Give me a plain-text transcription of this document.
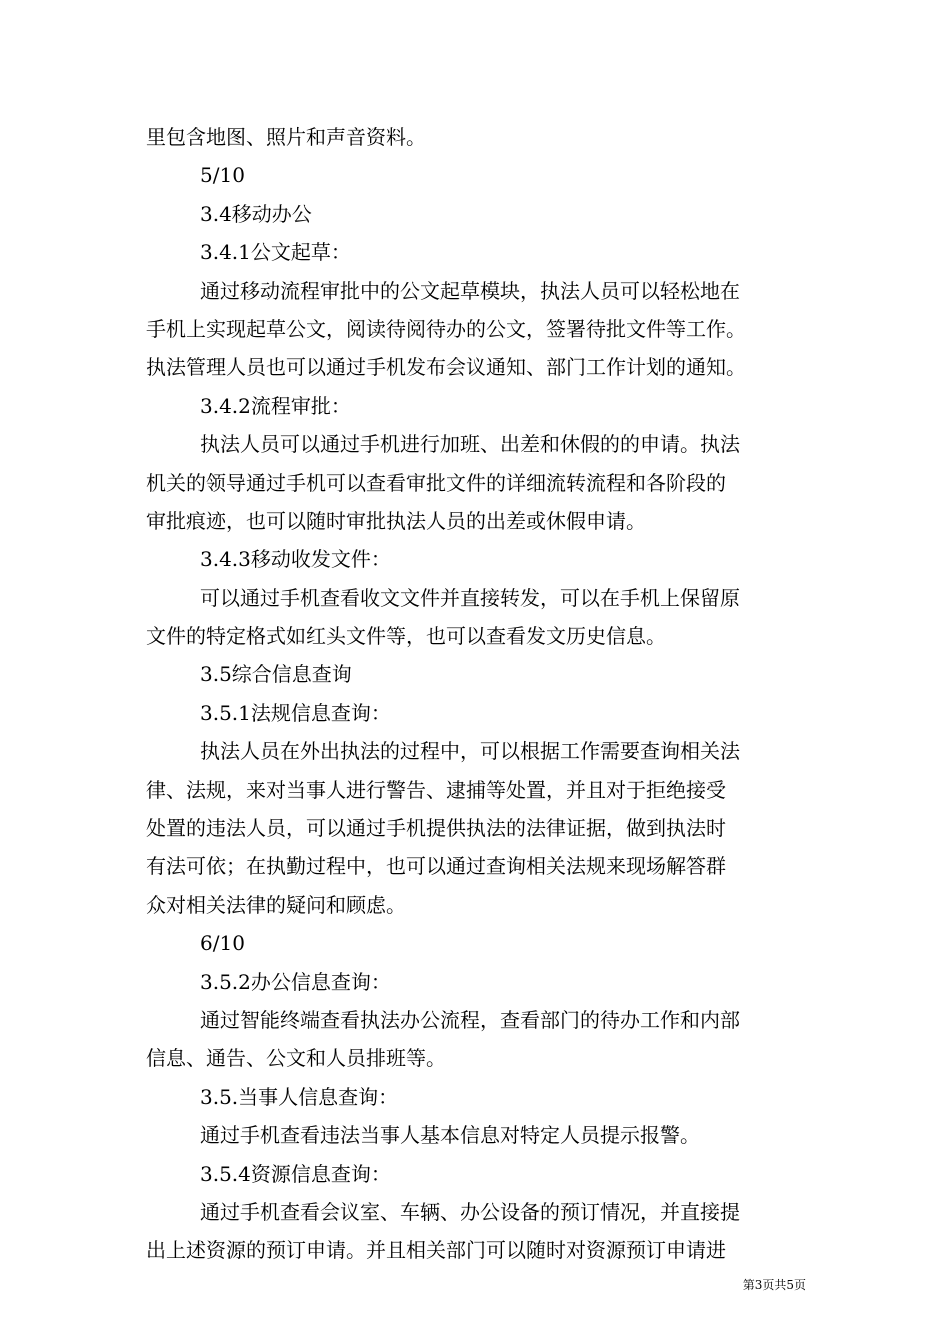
里包含地图、照片和声音资料。
5/10
3.4移动办公
3.4.1公文起草：
通过移动流程审批中的公文起草模块，执法人员可以轻松地在
手机上实现起草公文，阅读待阅待办的公文，签署待批文件等工作。
执法管理人员也可以通过手机发布会议通知、部门工作计划的通知。
3.4.2流程审批：
执法人员可以通过手机进行加班、出差和休假的的申请。执法
机关的领导通过手机可以查看审批文件的详细流转流程和各阶段的
审批痕迹，也可以随时审批执法人员的出差或休假申请。
3.4.3移动收发文件：
可以通过手机查看收文文件并直接转发，可以在手机上保留原
文件的特定格式如红头文件等，也可以查看发文历史信息。
3.5综合信息查询
3.5.1法规信息查询：
执法人员在外出执法的过程中，可以根据工作需要查询相关法
律、法规，来对当事人进行警告、逮捕等处置，并且对于拒绝接受
处置的违法人员，可以通过手机提供执法的法律证据，做到执法时
有法可依；在执勤过程中，也可以通过查询相关法规来现场解答群
众对相关法律的疑问和顾虑。
6/10
3.5.2办公信息查询：
通过智能终端查看执法办公流程，查看部门的待办工作和内部
信息、通告、公文和人员排班等。
3.5.当事人信息查询：
通过手机查看违法当事人基本信息对特定人员提示报警。
3.5.4资源信息查询：
通过手机查看会议室、车辆、办公设备的预订情况，并直接提
出上述资源的预订申请。并且相关部门可以随时对资源预订申请进
第3页共5页
